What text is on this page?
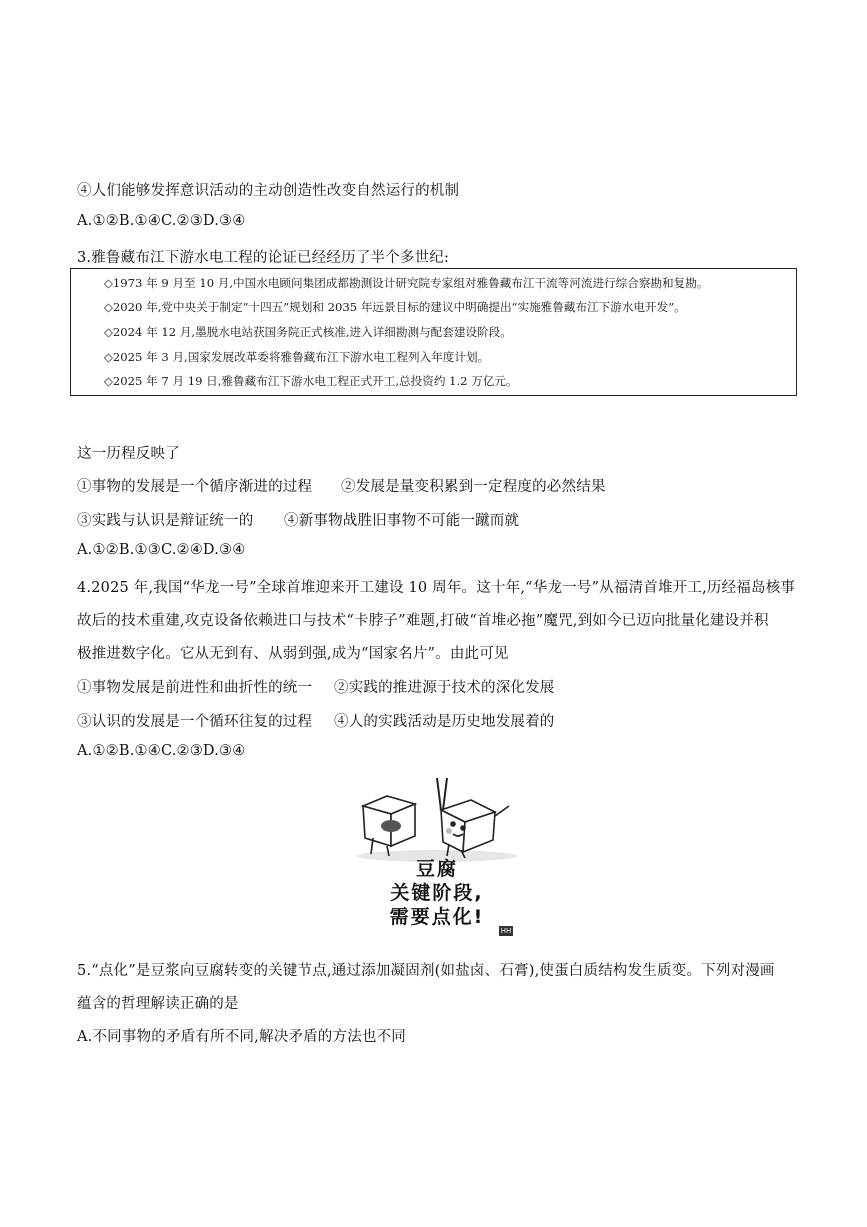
④人们能够发挥意识活动的主动创造性改变自然运行的机制
A.①②B.①④C.②③D.③④
3.雅鲁藏布江下游水电工程的论证已经经历了半个多世纪:
◇1973 年 9 月至 10 月,中国水电顾问集团成都勘测设计研究院专家组对雅鲁藏布江干流等河流进行综合察勘和复勘。
◇2020 年,党中央关于制定“十四五”规划和 2035 年远景目标的建议中明确提出“实施雅鲁藏布江下游水电开发”。
◇2024 年 12 月,墨脱水电站获国务院正式核准,进入详细勘测与配套建设阶段。
◇2025 年 3 月,国家发展改革委将雅鲁藏布江下游水电工程列入年度计划。
◇2025 年 7 月 19 日,雅鲁藏布江下游水电工程正式开工,总投资约 1.2 万亿元。
这一历程反映了
①事物的发展是一个循序渐进的过程 ②发展是量变积累到一定程度的必然结果
③实践与认识是辩证统一的 ④新事物战胜旧事物不可能一蹴而就
A.①②B.①③C.②④D.③④
4.2025 年,我国“华龙一号”全球首堆迎来开工建设 10 周年。这十年,“华龙一号”从福清首堆开工,历经福岛核事
故后的技术重建,攻克设备依赖进口与技术“卡脖子”难题,打破“首堆必拖”魔咒,到如今已迈向批量化建设并积
极推进数字化。它从无到有、从弱到强,成为“国家名片”。由此可见
①事物发展是前进性和曲折性的统一 ②实践的推进源于技术的深化发展
③认识的发展是一个循环往复的过程 ④人的实践活动是历史地发展着的
A.①②B.①④C.②③D.③④
豆腐
关键阶段,
需要点化!
HH
5.“点化”是豆浆向豆腐转变的关键节点,通过添加凝固剂(如盐卤、石膏),使蛋白质结构发生质变。下列对漫画
蕴含的哲理解读正确的是
A.不同事物的矛盾有所不同,解决矛盾的方法也不同
